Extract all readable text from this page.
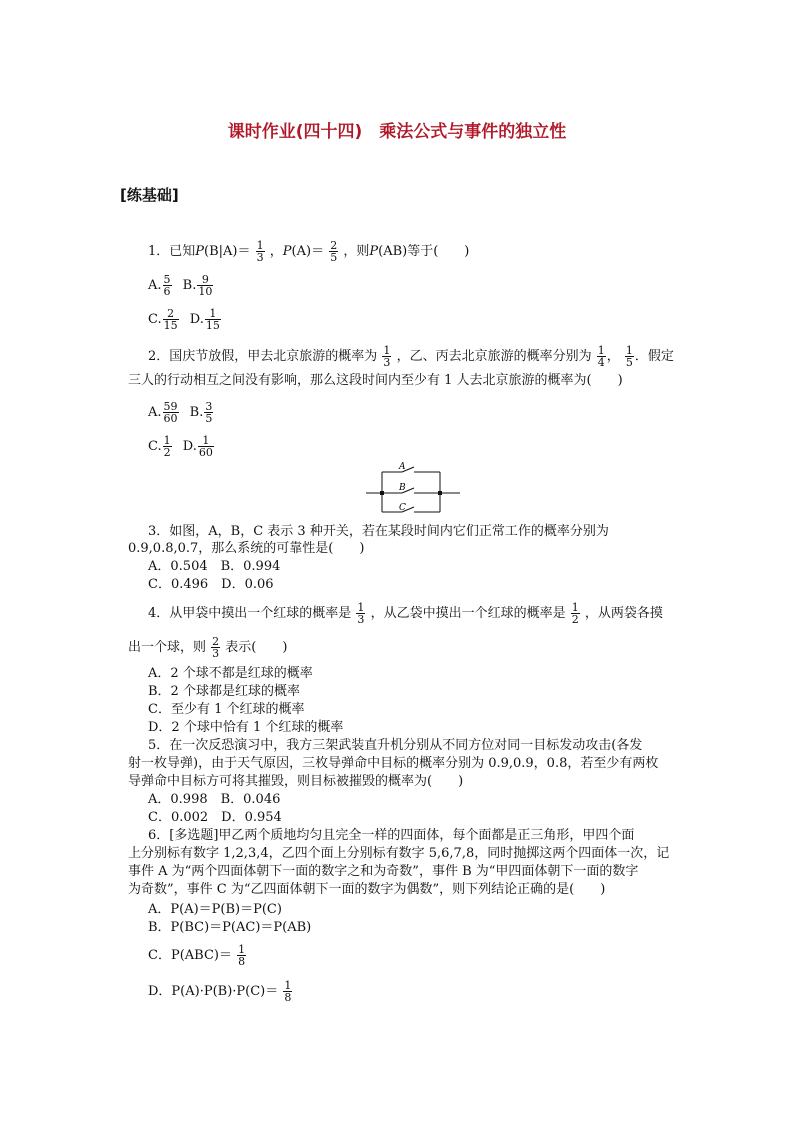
课时作业(四十四)　乘法公式与事件的独立性
[练基础]
1．已知$P(B|A)= \frac{1}{3}$ ，$P(A)= \frac{2}{5}$ ，则P(AB)等于(　　)
A. $\frac{5}{6} B$. $\frac{9}{10}$
C. $\frac{2}{15} D$. $\frac{1}{15}$
2．国庆节放假，甲去北京旅游的概率为 $\frac{1}{3}$ ，乙、丙去北京旅游的概率分别为 $\frac{1}{4}$ ， $\frac{1}{5}$ ．假定
三人的行动相互之间没有影响，那么这段时间内至少有 1 人去北京旅游的概率为(　　)
A. $\frac{59}{60} B$. $\frac{3}{5}$
C. $\frac{1}{2} D$. $\frac{1}{60}$
A
B
C
3．如图，A，B，C 表示 3 种开关，若在某段时间内它们正常工作的概率分别为
0.9,0.8,0.7，那么系统的可靠性是(　　)
A．0.504　B．0.994
C．0.496　D．0.06
4．从甲袋中摸出一个红球的概率是 $\frac{1}{3}$ ，从乙袋中摸出一个红球的概率是 $\frac{1}{2}$ ，从两袋各摸
出一个球，则 $\frac{2}{3}$ 表示(　　)
A．2 个球不都是红球的概率
B．2 个球都是红球的概率
C．至少有 1 个红球的概率
D．2 个球中恰有 1 个红球的概率
5．在一次反恐演习中，我方三架武装直升机分别从不同方位对同一目标发动攻击(各发
射一枚导弹)，由于天气原因，三枚导弹命中目标的概率分别为 0.9,0.9，0.8，若至少有两枚
导弹命中目标方可将其摧毁，则目标被摧毁的概率为(　　)
A．0.998　B．0.046
C．0.002　D．0.954
6．[多选题]甲乙两个质地均匀且完全一样的四面体，每个面都是正三角形，甲四个面
上分别标有数字 1,2,3,4，乙四个面上分别标有数字 5,6,7,8，同时抛掷这两个四面体一次，记
事件 A 为“两个四面体朝下一面的数字之和为奇数”，事件 B 为“甲四面体朝下一面的数字
为奇数”，事件 C 为“乙四面体朝下一面的数字为偶数”，则下列结论正确的是(　　)
A．P(A)＝P(B)＝P(C)
B．P(BC)＝P(AC)＝P(AB)
C．$P(ABC)= \frac{1}{8}$
D．$P(A)\cdot P(B)\cdot P(C)= \frac{1}{8}$
